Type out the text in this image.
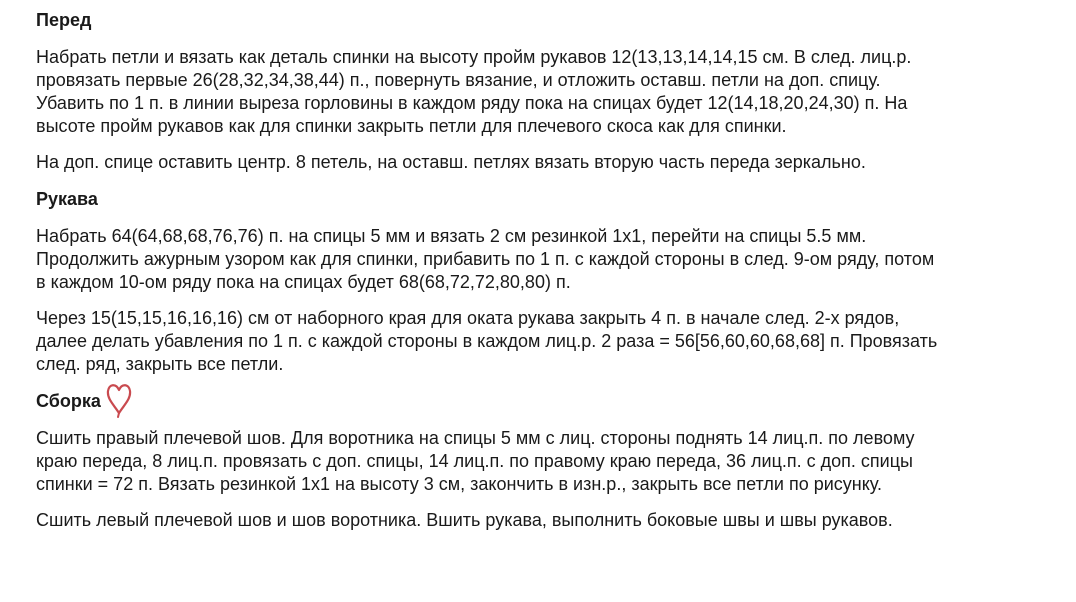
Перед
Набрать петли и вязать как деталь спинки на высоту пройм рукавов 12(13,13,14,14,15 см. В след. лиц.р.
провязать первые 26(28,32,34,38,44) п., повернуть вязание, и отложить оставш. петли на доп. спицу.
Убавить по 1 п. в линии выреза горловины в каждом ряду пока на спицах будет 12(14,18,20,24,30) п. На
высоте пройм рукавов как для спинки закрыть петли для плечевого скоса как для спинки.
На доп. спице оставить центр. 8 петель, на оставш. петлях вязать вторую часть переда зеркально.
Рукава
Набрать 64(64,68,68,76,76) п. на спицы 5 мм и вязать 2 см резинкой 1х1, перейти на спицы 5.5 мм.
Продолжить ажурным узором как для спинки, прибавить по 1 п. с каждой стороны в след. 9-ом ряду, потом
в каждом 10-ом ряду пока на спицах будет 68(68,72,72,80,80) п.
Через 15(15,15,16,16,16) см от наборного края для оката рукава закрыть 4 п. в начале след. 2-х рядов,
далее делать убавления по 1 п. с каждой стороны в каждом лиц.р. 2 раза = 56[56,60,60,68,68] п. Провязать
след. ряд, закрыть все петли.
Сборка
Сшить правый плечевой шов. Для воротника на спицы 5 мм с лиц. стороны поднять 14 лиц.п. по левому
краю переда, 8 лиц.п. провязать с доп. спицы, 14 лиц.п. по правому краю переда, 36 лиц.п. с доп. спицы
спинки = 72 п. Вязать резинкой 1х1 на высоту 3 см, закончить в изн.р., закрыть все петли по рисунку.
Сшить левый плечевой шов и шов воротника. Вшить рукава, выполнить боковые швы и швы рукавов.
